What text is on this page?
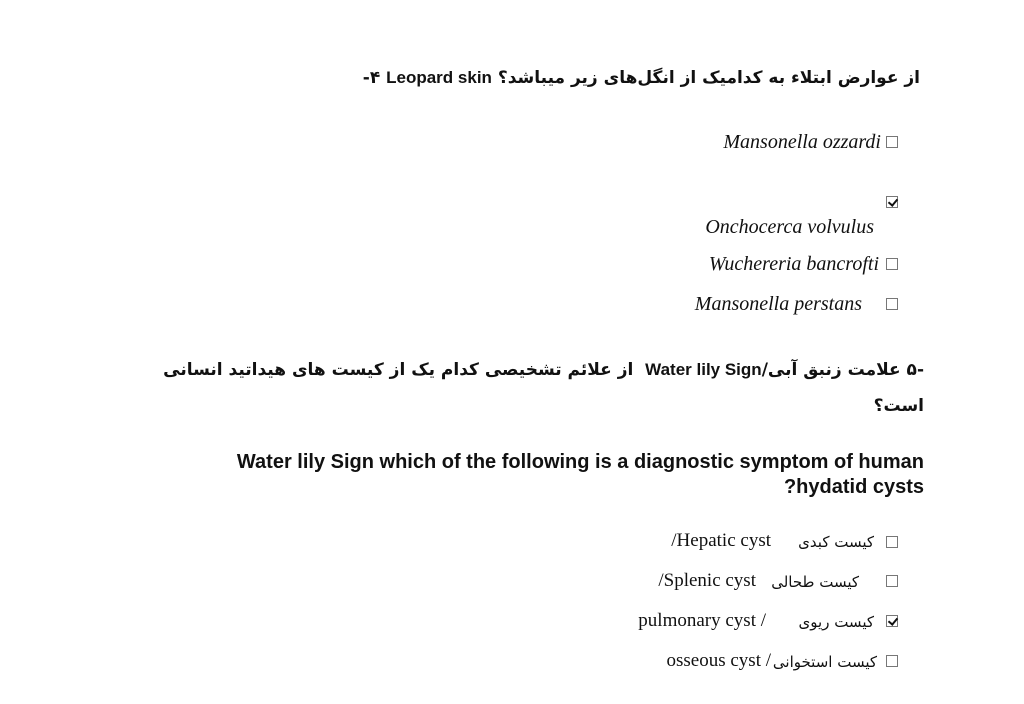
-۴ Leopard skin از عوارض ابتلاء به کدامیک از انگل‌های زیر میباشد؟
Mansonella ozzardi
Onchocerca volvulus
Wuchereria bancrofti
Mansonella perstans
-۵ علامت زنبق آبی/Water lily Sign  از علائم تشخیصی کدام یک از کیست های هیداتید انسانی
است؟
Water lily Sign which of the following is a diagnostic symptom of human
?hydatid cysts
کیست کبدی
/Hepatic cyst
کیست طحالی
/Splenic cyst
کیست ریوی
pulmonary cyst /
کیست استخوانی
osseous cyst /
